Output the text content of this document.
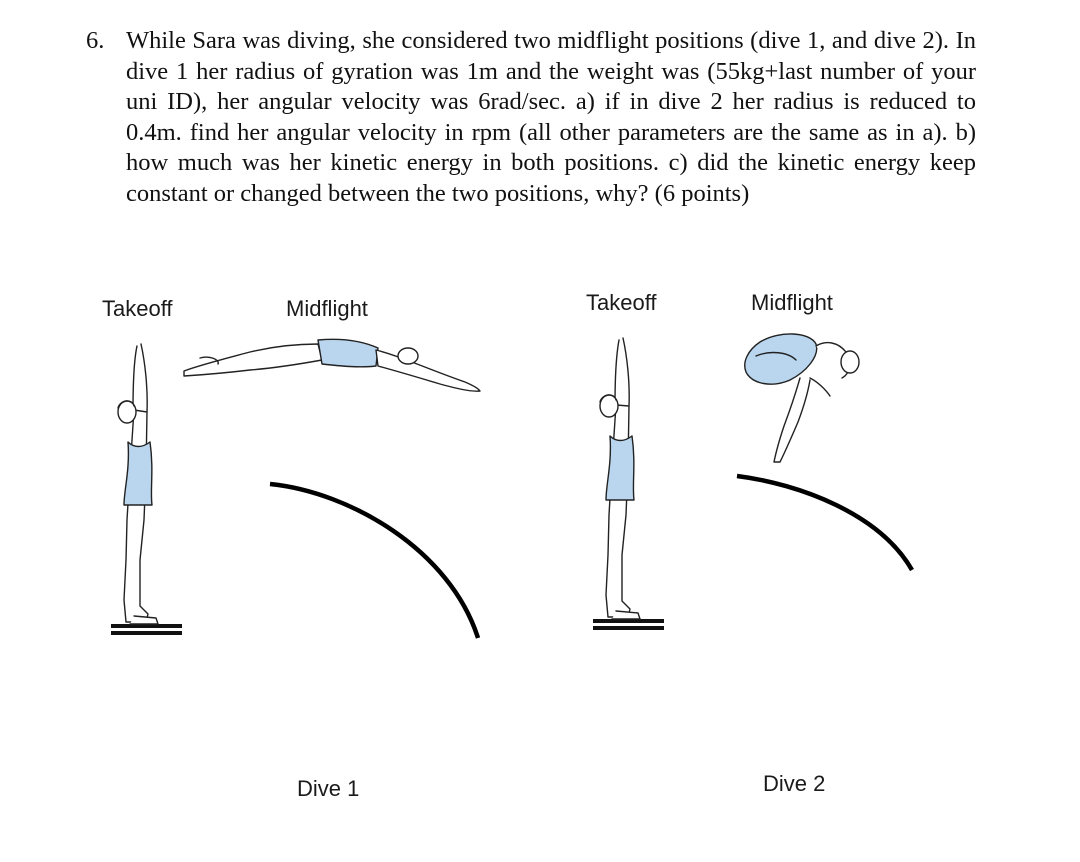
6. While Sara was diving, she considered two midflight positions (dive 1, and dive 2). In dive 1 her radius of gyration was 1m and the weight was (55kg+last number of your uni ID), her angular velocity was 6rad/sec. a) if in dive 2 her radius is reduced to 0.4m. find her angular velocity in rpm (all other parameters are the same as in a). b) how much was her kinetic energy in both positions. c) did the kinetic energy keep constant or changed between the two positions, why? (6 points)
Takeoff	Midflight
Dive 1
Takeoff	Midflight
Dive 2
